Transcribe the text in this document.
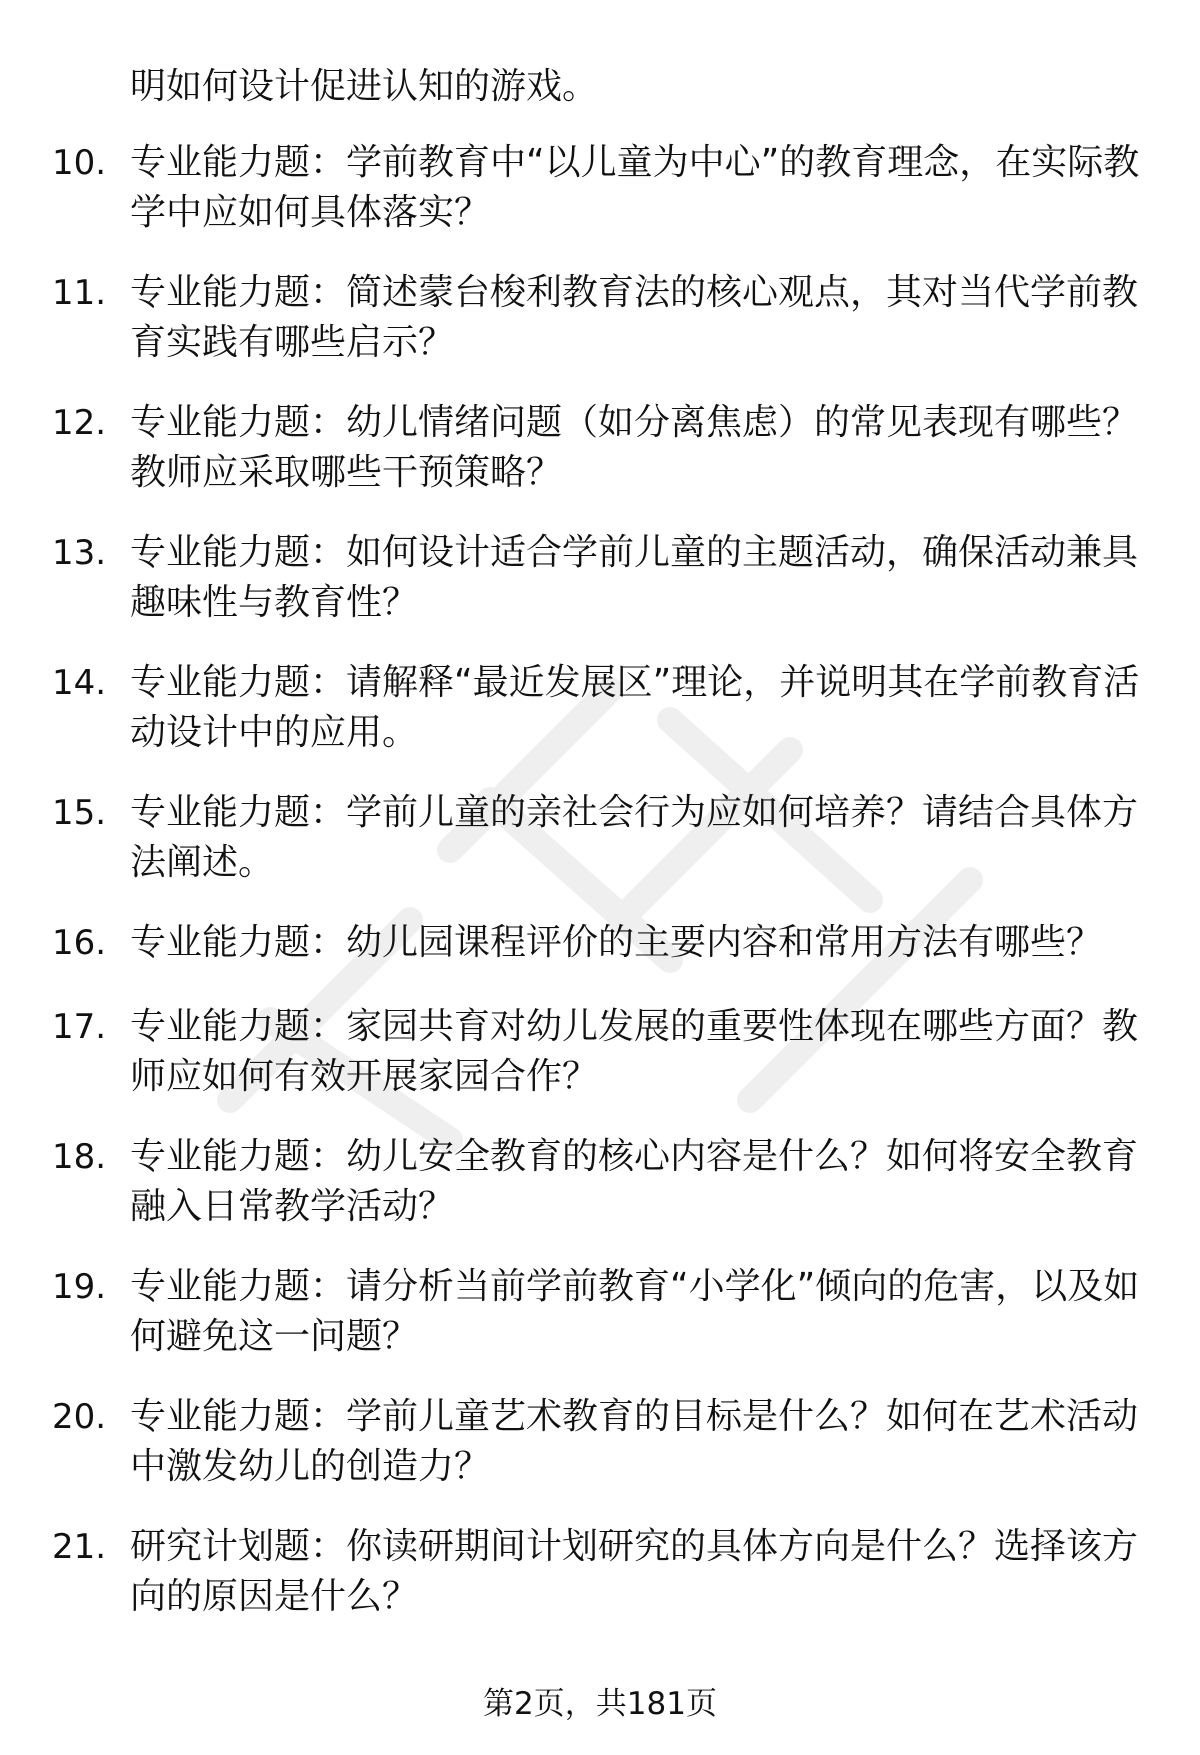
明如何设计促进认知的游戏。
10. 专业能力题：学前教育中“以儿童为中心”的教育理念，在实际教学中应如何具体落实？
11. 专业能力题：简述蒙台梭利教育法的核心观点，其对当代学前教育实践有哪些启示？
12. 专业能力题：幼儿情绪问题（如分离焦虑）的常见表现有哪些？教师应采取哪些干预策略？
13. 专业能力题：如何设计适合学前儿童的主题活动，确保活动兼具趣味性与教育性？
14. 专业能力题：请解释“最近发展区”理论，并说明其在学前教育活动设计中的应用。
15. 专业能力题：学前儿童的亲社会行为应如何培养？请结合具体方法阐述。
16. 专业能力题：幼儿园课程评价的主要内容和常用方法有哪些？
17. 专业能力题：家园共育对幼儿发展的重要性体现在哪些方面？教师应如何有效开展家园合作？
18. 专业能力题：幼儿安全教育的核心内容是什么？如何将安全教育融入日常教学活动？
19. 专业能力题：请分析当前学前教育“小学化”倾向的危害，以及如何避免这一问题？
20. 专业能力题：学前儿童艺术教育的目标是什么？如何在艺术活动中激发幼儿的创造力？
21. 研究计划题：你读研期间计划研究的具体方向是什么？选择该方向的原因是什么？
第2页，共181页
